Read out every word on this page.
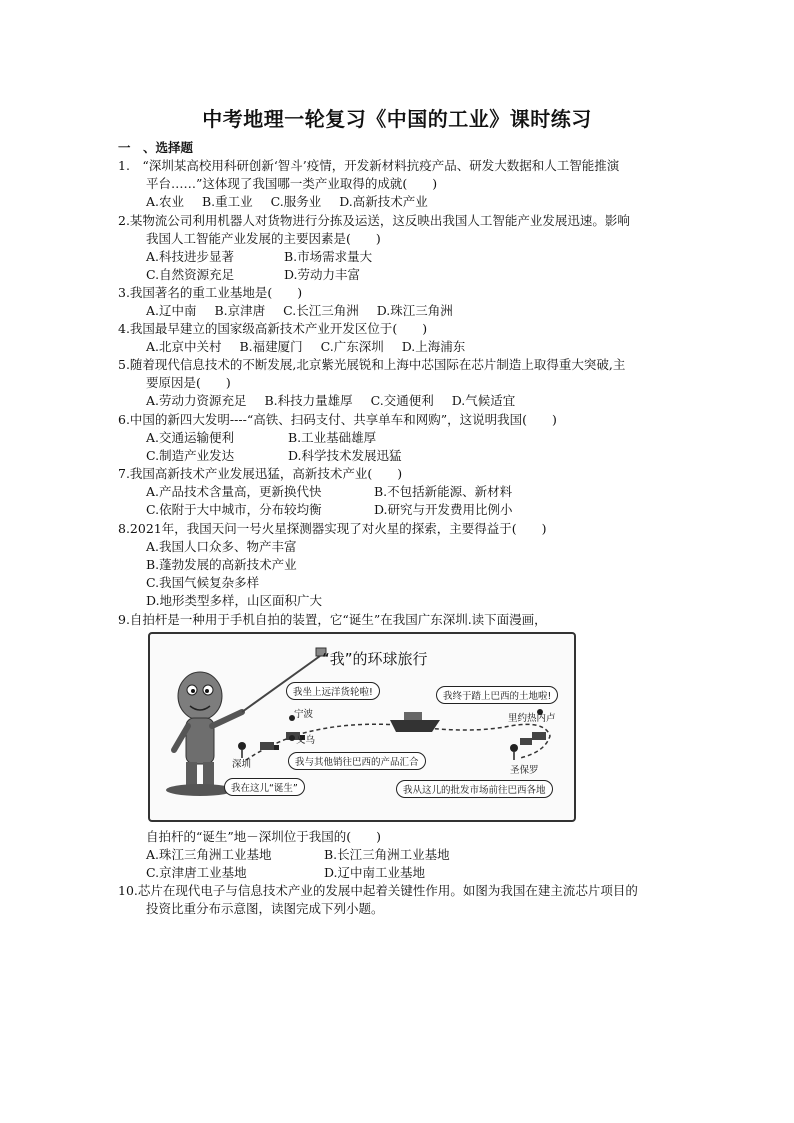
中考地理一轮复习《中国的工业》课时练习
一　、选择题
1.　“深圳某高校用科研创新‘智斗’疫情，开发新材料抗疫产品、研发大数据和人工智能推演
平台……”这体现了我国哪一类产业取得的成就(　　)
A.农业 B.重工业 C.服务业 D.高新技术产业
2.某物流公司利用机器人对货物进行分拣及运送，这反映出我国人工智能产业发展迅速。影响
我国人工智能产业发展的主要因素是(　　)
A.科技进步显著	B.市场需求量大
C.自然资源充足	D.劳动力丰富
3.我国著名的重工业基地是(　　)
A.辽中南 B.京津唐 C.长江三角洲 D.珠江三角洲
4.我国最早建立的国家级高新技术产业开发区位于(　　)
A.北京中关村 B.福建厦门 C.广东深圳 D.上海浦东
5.随着现代信息技术的不断发展,北京紫光展锐和上海中芯国际在芯片制造上取得重大突破,主
要原因是(　　)
A.劳动力资源充足 B.科技力量雄厚 C.交通便利 D.气候适宜
6.中国的新四大发明----“高铁、扫码支付、共享单车和网购”，这说明我国(　　)
A.交通运输便利	B.工业基础雄厚
C.制造产业发达	D.科学技术发展迅猛
7.我国高新技术产业发展迅猛，高新技术产业(　　)
A.产品技术含量高，更新换代快	B.不包括新能源、新材料
C.依附于大中城市，分布较均衡	D.研究与开发费用比例小
8.2021年，我国天问一号火星探测器实现了对火星的探索，主要得益于(　　)
A.我国人口众多、物产丰富
B.蓬勃发展的高新技术产业
C.我国气候复杂多样
D.地形类型多样，山区面积广大
9.自拍杆是一种用于手机自拍的装置，它“诞生”在我国广东深圳.读下面漫画，
“我”的环球旅行
我坐上远洋货轮啦!	我终于踏上巴西的土地啦!
我与其他销往巴西的产品汇合
我在这儿“诞生”	我从这儿的批发市场前往巴西各地
宁波
义乌
深圳
里约热内卢
圣保罗
自拍杆的“诞生”地－深圳位于我国的(　　)
A.珠江三角洲工业基地	B.长江三角洲工业基地
C.京津唐工业基地	D.辽中南工业基地
10.芯片在现代电子与信息技术产业的发展中起着关键性作用。如图为我国在建主流芯片项目的
投资比重分布示意图，读图完成下列小题。
